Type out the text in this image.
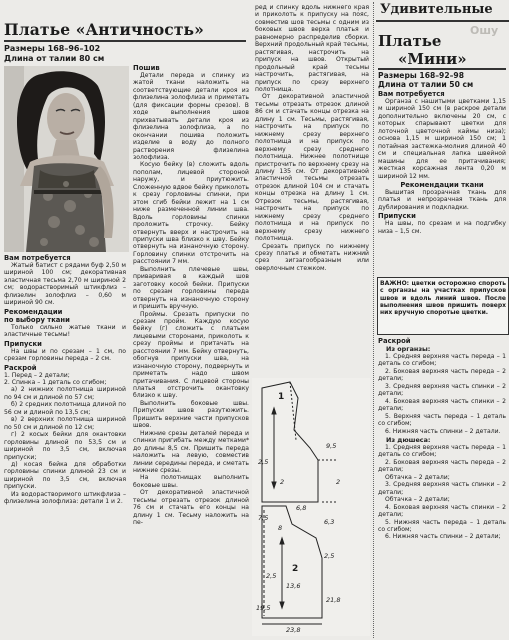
Платье «Античность»
Размеры 168–96–102
Длина от талии 80 см

Вам потребуется

Жатый батист с рядами буф 2,50 м шириной 100 см; декоративная эластичная тесьма 2,70 м шириной 2 см; водорастворимый штикфлиз – флизелин золофлиз – 0,60 м шириной 90 см.

Рекомендации

по выбору ткани

Только сильно жатые ткани и эластичные тесьмы!

Припуски

На швы и по срезам – 1 см, по срезам горловины переда – 2 см.

Раскрой

1. Перед – 2 детали;

2. Спинка – 1 деталь со сгибом;

а) 2 нижних полотнища шириной по 94 см и длиной по 57 см;

б) 2 средних полотнища длиной по 56 см и длиной по 13,5 см;

в) 2 верхних полотнища шириной по 50 см и длиной по 12 см;

г) 2 косых бейки для окантовки горловины длиной по 53,5 см и шириной по 3,5 см, включая припуски;

д) косая бейка для обработки горловины спинки длиной 23 см и шириной по 3,5 см, включая припуски.

Из водорастворимого штикфлиза – флизелина золофлиза: детали 1 и 2.

Пошив

Детали переда и спинку из жатой ткани наложить на соответствующие детали кроя из флизелина золофлиза и приметать (для фиксации формы срезов). В ходе выполнения швов прихватывать детали кроя из флизелина золофлиза, а по окончании пошива положить изделие в воду до полного растворения флизелина золофлиза.

Косую бейку (в) сложить вдоль пополам, лицевой стороной наружу, и приутюжить. Сложенную вдвое бейку приколоть к срезу горловины спинки, при этом сгиб бейки лежит на 1 см ниже размеченной линии шва. Вдоль горловины спинки проложить строчку. Бейку отвернуть вверх и настрочить на припуски шва близко к шву. Бейку отвернуть на изнаночную сторону. Горловину спинки отстрочить на расстоянии 7 мм.

Выполнить плечевые швы, приваривая в каждый шов заготовку косой бейки. Припуски по срезам горловины переда отвернуть на изнаночную сторону и пришить вручную.

Проймы. Срезать припуски по срезам пройм. Каждую косую бейку (г) сложить с платьем лицевыми сторонами, приколоть к срезу проймы и притачать на расстоянии 7 мм. Бейку отвернуть, обогнув припуски шва, на изнаночную сторону, подвернуть и приметать надо швом притачивания. С лицевой стороны платья отстрочить окантовку близко к шву.

Выполнить боковые швы. Припуски швов разутюжить. Пришить верхние части припусков швов.

Нижние срезы деталей переда и спинки пригибать между метками* до длины 8,5 см. Пришить переда наложить на левую, совместив линии середины переда, и сметать нижние срезы.

На полотнищах выполнить боковые швы.

От декоративной эластичной тесьмы отрезать отрезок длиной 76 см и стачать его концы на длину 1 см. Тесьму наложить на пе-

ред и спинку вдоль нижнего края и приколоть к припуску на пояс, совместив шов тесьмы с одним из боковых швов верха платья и равномерно распределив сборки. Верхний продольный край тесьмы, растягивая, настрочить на припуск на швов. Открытый продольный край тесьмы настрочить, растягивая, на припуск по срезу верхнего полотнища.

От декоративной эластичной тесьмы отрезать отрезок длиной 86 см и стачать концы отрезка на длину 1 см. Тесьмы, растягивая, настрочить на припуск по нижнему срезу верхнего полотнища и на припуск по верхнему срезу среднего полотнища. Нижнее полотнище пристрочить по верхнему срезу на длину 135 см. От декоративной эластичной тесьмы отрезать отрезок длиной 104 см и стачать концы отрезка на длину 1 см. Отрезок тесьмы, растягивая, настрочить на припуск по нижнему срезу среднего полотнища и на припуск по верхнему срезу нижнего полотнища.

Срезать припуск по нижнему срезу платья и обметать нижний срез зигзагообразным или оверлочным стежком.

1
2
6,8
6,3
7,5
8
2,5
19,5
21,8
2,5
13,6
23,8
9,5
2
2,5
2
Удивительные
Ошу
Платье
«Мини»
Размеры 168–92–98
Длина от талии 50 см

Вам потребуется

Органза с нашитыми цветками 1,15 м шириной 150 см (в раскрое детали дополнительно включены 20 см, с которых спарывают цветки для лоточной цветочной каймы низа); основа 1,15 м шириной 150 см; 1 потайная застежка-молния длиной 40 см и специальная лапка швейной машины для ее притачивания; жесткая корсажная лента 0,20 м шириной 12 мм.

Рекомендации ткани

Вышитая прозрачная ткань для платья и непрозрачная ткань для дублирования и подкладки.

Припуски

На швы, по срезам и на подгибку низа – 1,5 см.

ВАЖНО: цветки осторожно спороть с органзы на участках припусков швов и вдоль линий швов. После выполнения швов пришить поверх них вручную споротые цветки.

Раскрой

Из органзы:

1. Средняя верхняя часть переда – 1 деталь со сгибом;

2. Боковая верхняя часть переда – 2 детали;

3. Средняя верхняя часть спинки – 2 детали;

4. Боковая верхняя часть спинки – 2 детали;

5. Верхняя часть переда – 1 деталь со сгибом;

6. Нижняя часть спинки – 2 детали.

Из дюшеса:

1. Средняя верхняя часть переда – 1 деталь со сгибом;

2. Боковая верхняя часть переда – 2 детали;

Обтачка – 2 детали;

3. Средняя верхняя часть спинки – 2 детали;

Обтачка – 2 детали;

4. Боковая верхняя часть спинки – 2 детали;

5. Нижняя часть переда – 1 деталь со сгибом;

6. Нижняя часть спинки – 2 детали;
